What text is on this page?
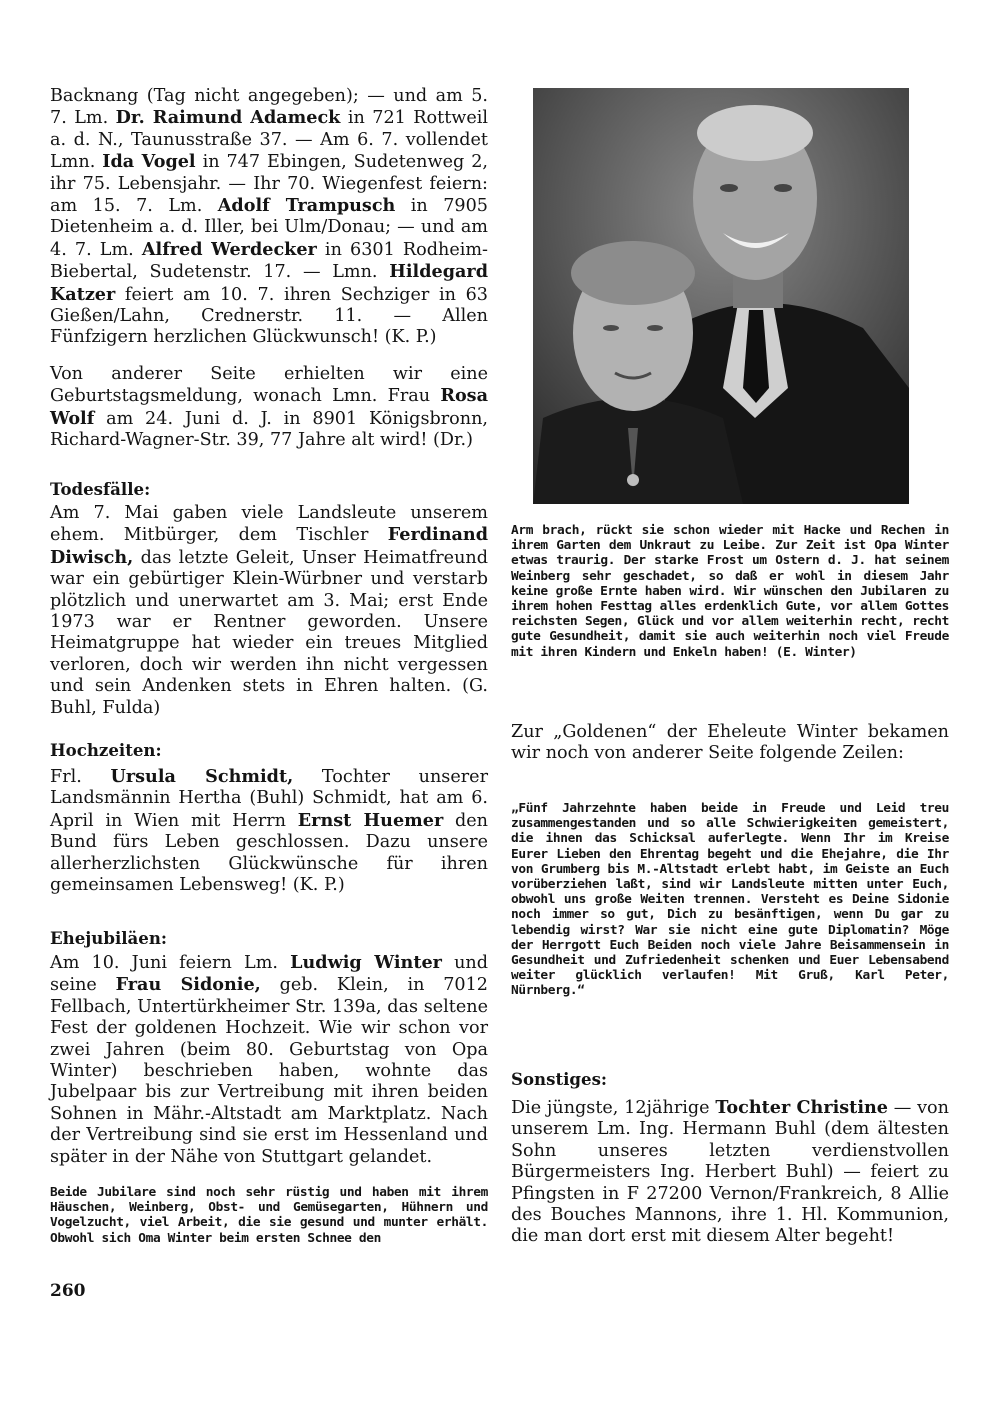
Backnang (Tag nicht angegeben); — und am 5. 7. Lm. Dr. Raimund Adameck in 721 Rottweil a. d. N., Taunusstraße 37. — Am 6. 7. vollendet Lmn. Ida Vogel in 747 Ebingen, Sudetenweg 2, ihr 75. Lebensjahr. — Ihr 70. Wiegenfest feiern: am 15. 7. Lm. Adolf Trampusch in 7905 Dietenheim a. d. Iller, bei Ulm/Donau; — und am 4. 7. Lm. Alfred Werdecker in 6301 Rodheim-Biebertal, Sudetenstr. 17. — Lmn. Hildegard Katzer feiert am 10. 7. ihren Sechziger in 63 Gießen/Lahn, Crednerstr. 11. — Allen Fünfzigern herzlichen Glückwunsch! (K. P.)

Von anderer Seite erhielten wir eine Geburtstagsmeldung, wonach Lmn. Frau Rosa Wolf am 24. Juni d. J. in 8901 Königsbronn, Richard-Wagner-Str. 39, 77 Jahre alt wird! (Dr.)

Todesfälle:

Am 7. Mai gaben viele Landsleute unserem ehem. Mitbürger, dem Tischler Ferdinand Diwisch, das letzte Geleit, Unser Heimatfreund war ein gebürtiger Klein-Würbner und verstarb plötzlich und unerwartet am 3. Mai; erst Ende 1973 war er Rentner geworden. Unsere Heimatgruppe hat wieder ein treues Mitglied verloren, doch wir werden ihn nicht vergessen und sein Andenken stets in Ehren halten. (G. Buhl, Fulda)

Hochzeiten:

Frl. Ursula Schmidt, Tochter unserer Landsmännin Hertha (Buhl) Schmidt, hat am 6. April in Wien mit Herrn Ernst Huemer den Bund fürs Leben geschlossen. Dazu unsere allerherzlichsten Glückwünsche für ihren gemeinsamen Lebensweg! (K. P.)

Ehejubiläen:

Am 10. Juni feiern Lm. Ludwig Winter und seine Frau Sidonie, geb. Klein, in 7012 Fellbach, Untertürkheimer Str. 139a, das seltene Fest der goldenen Hochzeit. Wie wir schon vor zwei Jahren (beim 80. Geburtstag von Opa Winter) beschrieben haben, wohnte das Jubelpaar bis zur Vertreibung mit ihren beiden Sohnen in Mähr.-Altstadt am Marktplatz. Nach der Vertreibung sind sie erst im Hessenland und später in der Nähe von Stuttgart gelandet.

Beide Jubilare sind noch sehr rüstig und haben mit ihrem Häuschen, Weinberg, Obst- und Gemüsegarten, Hühnern und Vogelzucht, viel Arbeit, die sie gesund und munter erhält. Obwohl sich Oma Winter beim ersten Schnee den

Arm brach, rückt sie schon wieder mit Hacke und Rechen in ihrem Garten dem Unkraut zu Leibe. Zur Zeit ist Opa Winter etwas traurig. Der starke Frost um Ostern d. J. hat seinem Weinberg sehr geschadet, so daß er wohl in diesem Jahr keine große Ernte haben wird. Wir wünschen den Jubilaren zu ihrem hohen Festtag alles erdenklich Gute, vor allem Gottes reichsten Segen, Glück und vor allem weiterhin recht, recht gute Gesundheit, damit sie auch weiterhin noch viel Freude mit ihren Kindern und Enkeln haben! (E. Winter)

Zur „Goldenen“ der Eheleute Winter bekamen wir noch von anderer Seite folgende Zeilen:

„Fünf Jahrzehnte haben beide in Freude und Leid treu zusammengestanden und so alle Schwierigkeiten gemeistert, die ihnen das Schicksal auferlegte. Wenn Ihr im Kreise Eurer Lieben den Ehrentag begeht und die Ehejahre, die Ihr von Grumberg bis M.-Altstadt erlebt habt, im Geiste an Euch vorüberziehen laßt, sind wir Landsleute mitten unter Euch, obwohl uns große Weiten trennen. Versteht es Deine Sidonie noch immer so gut, Dich zu besänftigen, wenn Du gar zu lebendig wirst? War sie nicht eine gute Diplomatin? Möge der Herrgott Euch Beiden noch viele Jahre Beisammensein in Gesundheit und Zufriedenheit schenken und Euer Lebensabend weiter glücklich verlaufen! Mit Gruß, Karl Peter, Nürnberg.“

Sonstiges:

Die jüngste, 12jährige Tochter Christine — von unserem Lm. Ing. Hermann Buhl (dem ältesten Sohn unseres letzten verdienstvollen Bürgermeisters Ing. Herbert Buhl) — feiert zu Pfingsten in F 27200 Vernon/Frankreich, 8 Allie des Bouches Mannons, ihre 1. Hl. Kommunion, die man dort erst mit diesem Alter begeht!

260
